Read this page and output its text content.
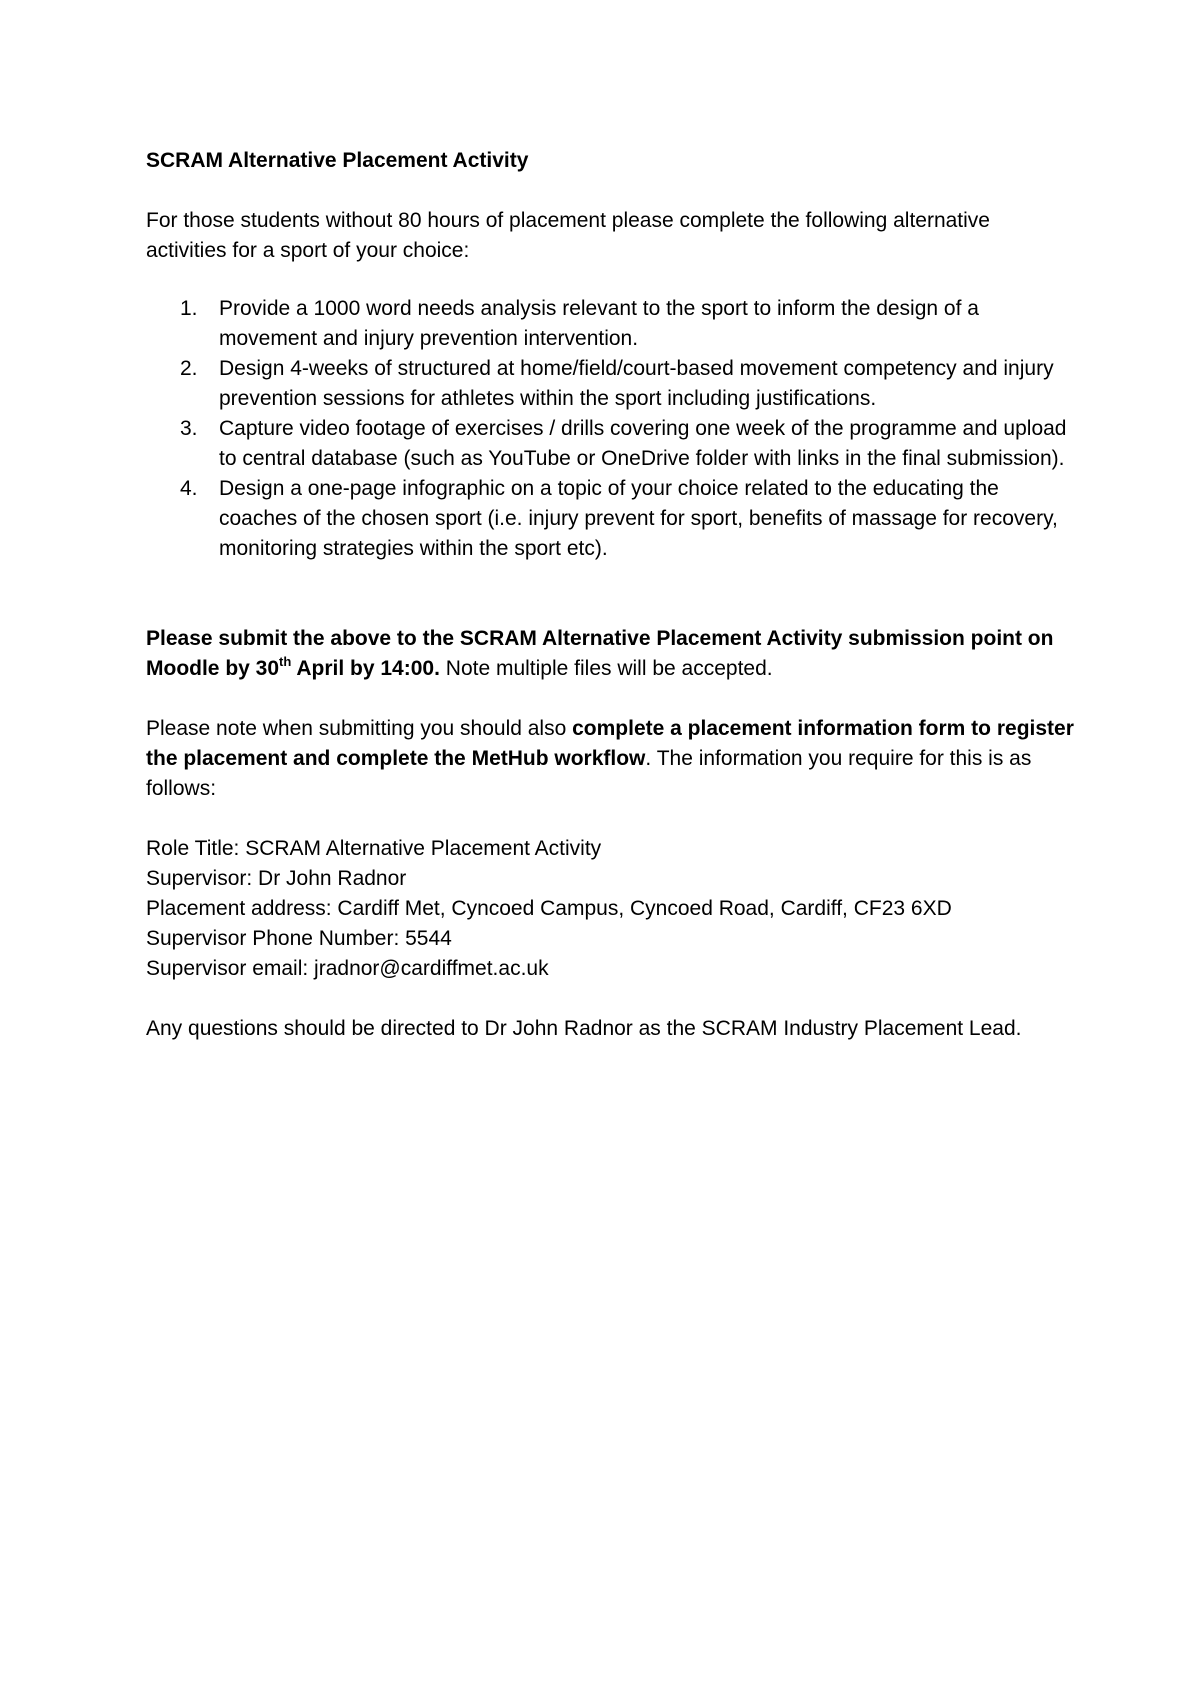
SCRAM Alternative Placement Activity

For those students without 80 hours of placement please complete the following alternative activities for a sport of your choice:

1. Provide a 1000 word needs analysis relevant to the sport to inform the design of a movement and injury prevention intervention.
2. Design 4-weeks of structured at home/field/court-based movement competency and injury prevention sessions for athletes within the sport including justifications.
3. Capture video footage of exercises / drills covering one week of the programme and upload to central database (such as YouTube or OneDrive folder with links in the final submission).
4. Design a one-page infographic on a topic of your choice related to the educating the coaches of the chosen sport (i.e. injury prevent for sport, benefits of massage for recovery, monitoring strategies within the sport etc).

Please submit the above to the SCRAM Alternative Placement Activity submission point on Moodle by 30th April by 14:00. Note multiple files will be accepted.

Please note when submitting you should also complete a placement information form to register the placement and complete the MetHub workflow. The information you require for this is as follows:

Role Title: SCRAM Alternative Placement Activity

Supervisor: Dr John Radnor

Placement address: Cardiff Met, Cyncoed Campus, Cyncoed Road, Cardiff, CF23 6XD

Supervisor Phone Number: 5544

Supervisor email: jradnor@cardiffmet.ac.uk

Any questions should be directed to Dr John Radnor as the SCRAM Industry Placement Lead.
